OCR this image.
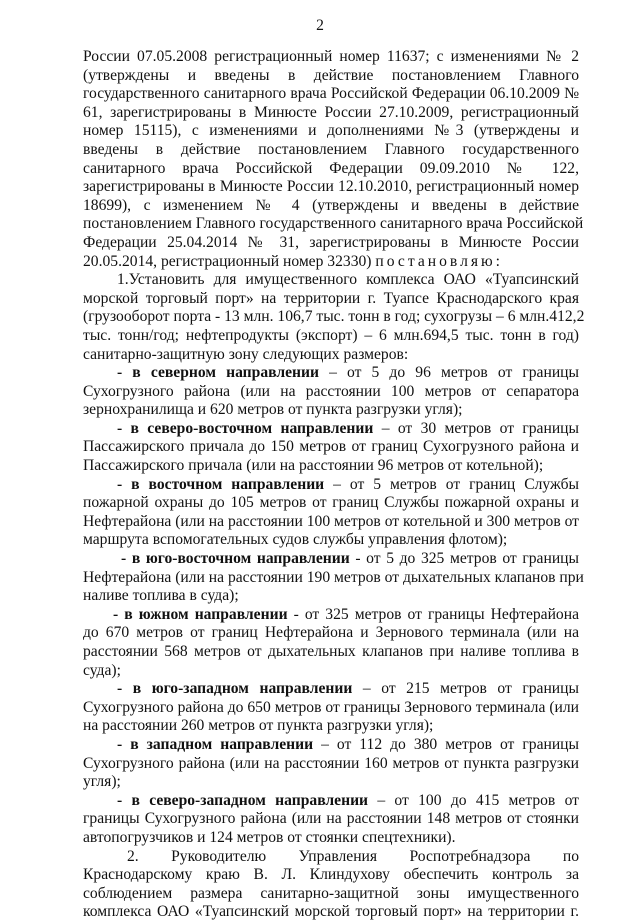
2
России 07.05.2008 регистрационный номер 11637; с изменениями № 2
(утверждены и введены в действие постановлением Главного
государственного санитарного врача Российской Федерации 06.10.2009 №
61, зарегистрированы в Минюсте России 27.10.2009, регистрационный
номер 15115), с изменениями и дополнениями №3 (утверждены и
введены в действие постановлением Главного государственного
санитарного врача Российской Федерации 09.09.2010 № 122,
зарегистрированы в Минюсте России 12.10.2010, регистрационный номер
18699), с изменением № 4 (утверждены и введены в действие
постановлением Главного государственного санитарного врача Российской
Федерации 25.04.2014 № 31, зарегистрированы в Минюсте России
20.05.2014, регистрационный номер 32330) постановляю:
1.Установить для имущественного комплекса ОАО «Туапсинский
морской торговый порт» на территории г. Туапсе Краснодарского края
(грузооборот порта - 13 млн. 106,7 тыс. тонн в год; сухогрузы – 6 млн.412,2
тыс. тонн/год; нефтепродукты (экспорт) – 6 млн.694,5 тыс. тонн в год)
санитарно-защитную зону следующих размеров:
- в северном направлении – от 5 до 96 метров от границы
Сухогрузного района (или на расстоянии 100 метров от сепаратора
зернохранилища и 620 метров от пункта разгрузки угля);
- в северо-восточном направлении – от 30 метров от границы
Пассажирского причала до 150 метров от границ Сухогрузного района и
Пассажирского причала (или на расстоянии 96 метров от котельной);
- в восточном направлении – от 5 метров от границ Службы
пожарной охраны до 105 метров от границ Службы пожарной охраны и
Нефтерайона (или на расстоянии 100 метров от котельной и 300 метров от
маршрута вспомогательных судов службы управления флотом);
- в юго-восточном направлении - от 5 до 325 метров от границы
Нефтерайона (или на расстоянии 190 метров от дыхательных клапанов при
наливе топлива в суда);
- в южном направлении - от 325 метров от границы Нефтерайона
до 670 метров от границ Нефтерайона и Зернового терминала (или на
расстоянии 568 метров от дыхательных клапанов при наливе топлива в
суда);
- в юго-западном направлении – от 215 метров от границы
Сухогрузного района до 650 метров от границы Зернового терминала (или
на расстоянии 260 метров от пункта разгрузки угля);
- в западном направлении – от 112 до 380 метров от границы
Сухогрузного района (или на расстоянии 160 метров от пункта разгрузки
угля);
- в северо-западном направлении – от 100 до 415 метров от
границы Сухогрузного района (или на расстоянии 148 метров от стоянки
автопогрузчиков и 124 метров от стоянки спецтехники).
2. Руководителю Управления Роспотребнадзора по
Краснодарскому краю В. Л. Клиндухову обеспечить контроль за
соблюдением размера санитарно-защитной зоны имущественного
комплекса ОАО «Туапсинский морской торговый порт» на территории г.
